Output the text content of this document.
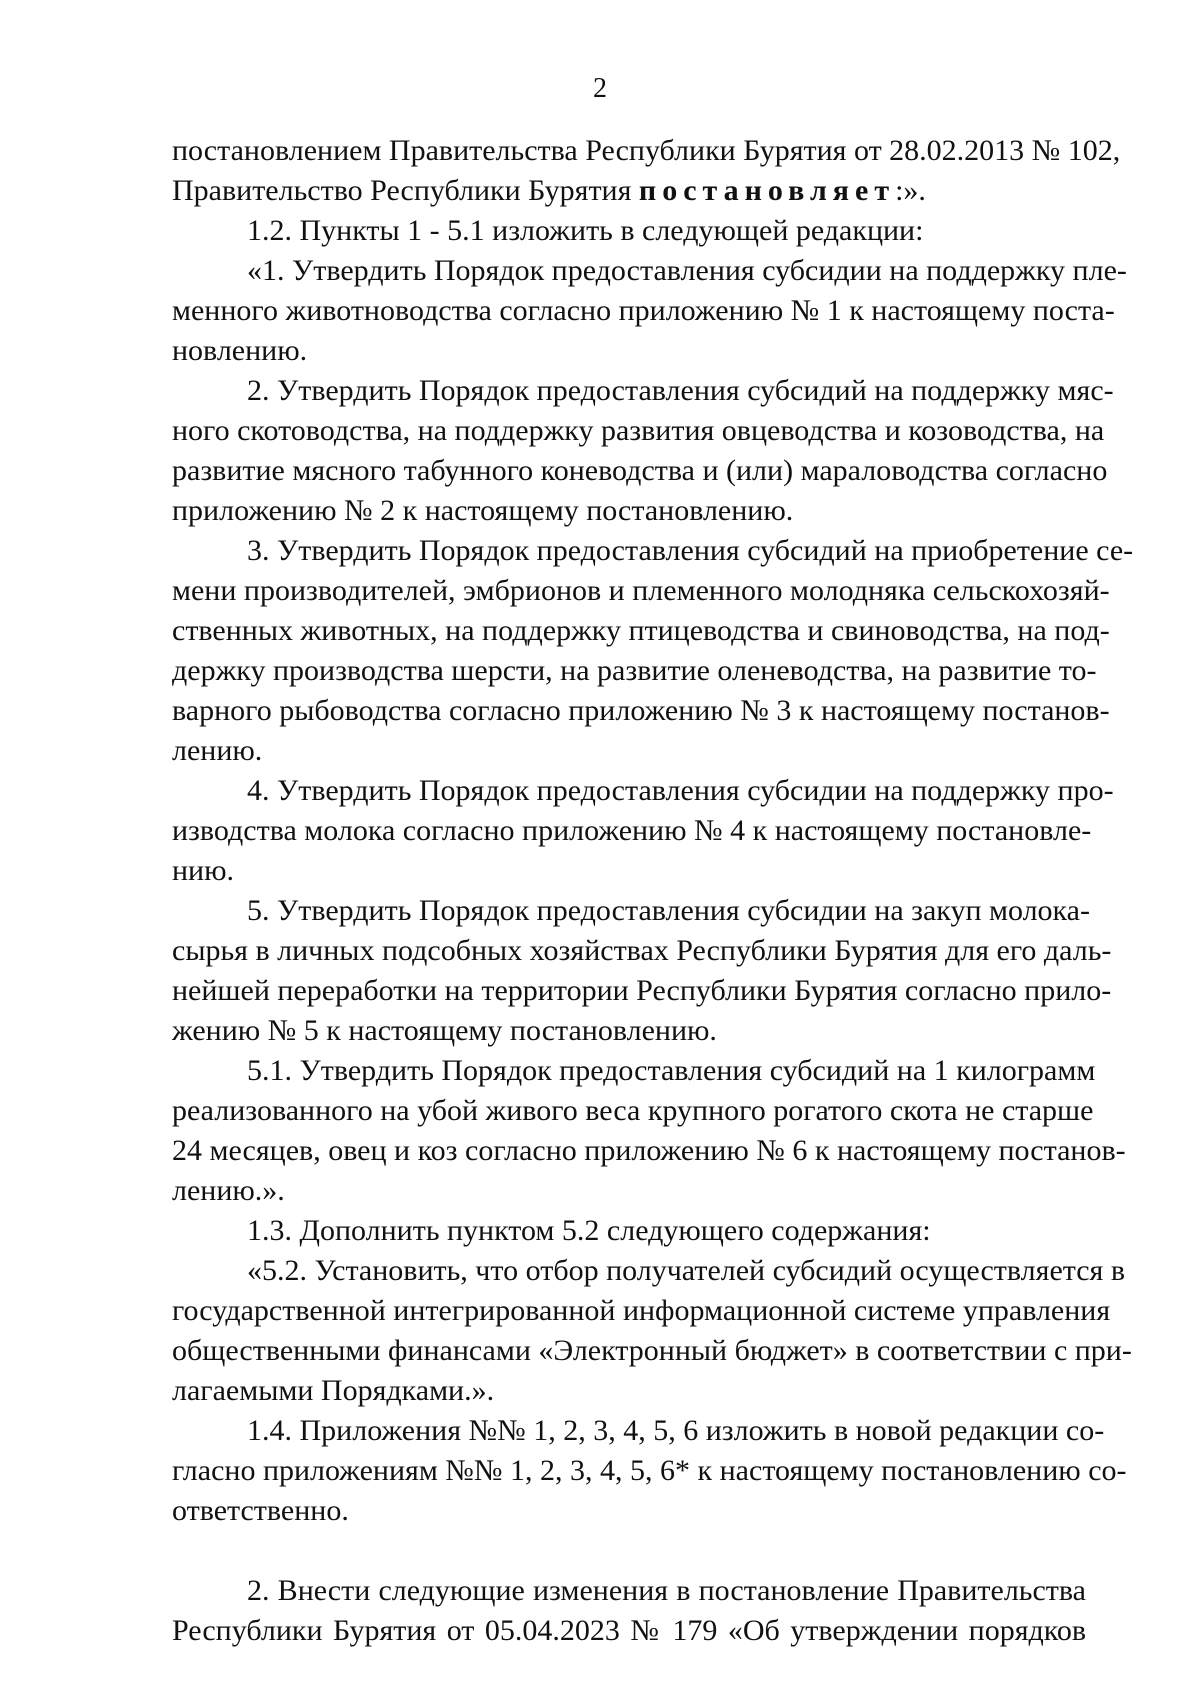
2
постановлением Правительства Республики Бурятия от 28.02.2013 № 102,
Правительство Республики Бурятия постановляет:».
1.2. Пункты 1 - 5.1 изложить в следующей редакции:
«1. Утвердить Порядок предоставления субсидии на поддержку пле-
менного животноводства согласно приложению № 1 к настоящему поста-
новлению.
2. Утвердить Порядок предоставления субсидий на поддержку мяс-
ного скотоводства, на поддержку развития овцеводства и козоводства, на
развитие мясного табунного коневодства и (или) мараловодства согласно
приложению № 2 к настоящему постановлению.
3. Утвердить Порядок предоставления субсидий на приобретение се-
мени производителей, эмбрионов и племенного молодняка сельскохозяй-
ственных животных, на поддержку птицеводства и свиноводства, на под-
держку производства шерсти, на развитие оленеводства, на развитие то-
варного рыбоводства согласно приложению № 3 к настоящему постанов-
лению.
4. Утвердить Порядок предоставления субсидии на поддержку про-
изводства молока согласно приложению № 4 к настоящему постановле-
нию.
5. Утвердить Порядок предоставления субсидии на закуп молока-
сырья в личных подсобных хозяйствах Республики Бурятия для его даль-
нейшей переработки на территории Республики Бурятия согласно прило-
жению № 5 к настоящему постановлению.
5.1. Утвердить Порядок предоставления субсидий на 1 килограмм
реализованного на убой живого веса крупного рогатого скота не старше
24 месяцев, овец и коз согласно приложению № 6 к настоящему постанов-
лению.».
1.3. Дополнить пунктом 5.2 следующего содержания:
«5.2. Установить, что отбор получателей субсидий осуществляется в
государственной интегрированной информационной системе управления
общественными финансами «Электронный бюджет» в соответствии с при-
лагаемыми Порядками.».
1.4. Приложения №№ 1, 2, 3, 4, 5, 6 изложить в новой редакции со-
гласно приложениям №№ 1, 2, 3, 4, 5, 6* к настоящему постановлению со-
ответственно.
2. Внести следующие изменения в постановление Правительства
Республики Бурятия от 05.04.2023 № 179 «Об утверждении порядков
